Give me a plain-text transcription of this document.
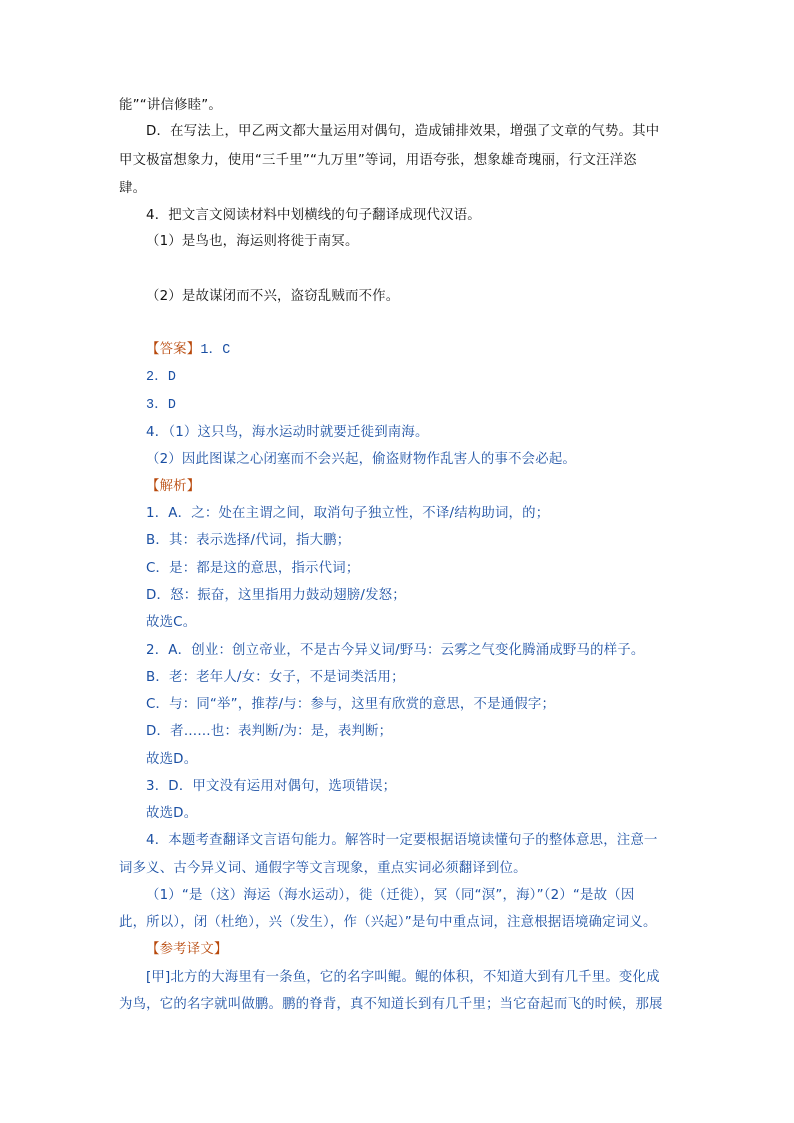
能”“讲信修睦”。
D．在写法上，甲乙两文都大量运用对偶句，造成铺排效果，增强了文章的气势。其中
甲文极富想象力，使用“三千里”“九万里”等词，用语夸张，想象雄奇瑰丽，行文汪洋恣
肆。
4．把文言文阅读材料中划横线的句子翻译成现代汉语。
（1）是鸟也，海运则将徙于南冥。
（2）是故谋闭而不兴，盗窃乱贼而不作。
【答案】1．C
2．D
3．D
4．（1）这只鸟，海水运动时就要迁徙到南海。
（2）因此图谋之心闭塞而不会兴起，偷盗财物作乱害人的事不会必起。
【解析】
1．A．之：处在主谓之间，取消句子独立性，不译/结构助词，的；
B．其：表示选择/代词，指大鹏；
C．是：都是这的意思，指示代词；
D．怒：振奋，这里指用力鼓动翅膀/发怒；
故选C。
2．A．创业：创立帝业，不是古今异义词/野马：云雾之气变化腾涌成野马的样子。
B．老：老年人/女：女子，不是词类活用；
C．与：同“举”，推荐/与：参与，这里有欣赏的意思，不是通假字；
D．者……也：表判断/为：是，表判断；
故选D。
3．D．甲文没有运用对偶句，选项错误；
故选D。
4．本题考查翻译文言语句能力。解答时一定要根据语境读懂句子的整体意思，注意一
词多义、古今异义词、通假字等文言现象，重点实词必须翻译到位。
（1）“是（这）海运（海水运动），徙（迁徙），冥（同“溟”，海）”（2）“是故（因
此，所以），闭（杜绝），兴（发生），作（兴起）”是句中重点词，注意根据语境确定词义。
【参考译文】
[甲]北方的大海里有一条鱼，它的名字叫鲲。鲲的体积，不知道大到有几千里。变化成
为鸟，它的名字就叫做鹏。鹏的脊背，真不知道长到有几千里；当它奋起而飞的时候，那展
